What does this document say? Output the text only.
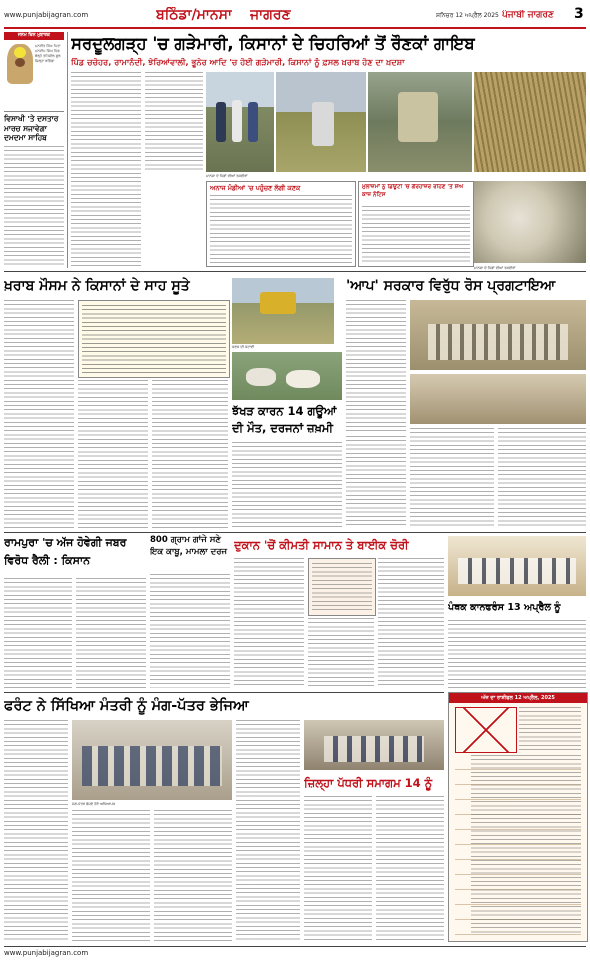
www.punjabijagran.com	ਬਠਿੰਡਾ/ਮਾਨਸਾ ਜਾਗਰਣ	ਸ਼ਨਿਚਰ 12 ਅਪ੍ਰੈਲ 2025 ਪੰਜਾਬੀ ਜਾਗਰਣ 3
ਜਨਮ ਦਿਨ ਮੁਬਾਰਕ
ਮਨਰੀਤ ਸਿੰਘ ਪਿਤਾ ਮਨਦੀਪ ਸਿੰਘ ਪਿੰਡ ਬੱਲ੍ਹੋ ਤਹਿਸੀਲ ਫੂਲ ਜ਼ਿਲ੍ਹਾ ਬਠਿੰਡਾ
ਵਿਸਾਖੀ 'ਤੇ ਦਸਤਾਰ ਮਾਰਚ ਸਜਾਵੇਗਾ ਦਮਦਮਾ ਸਾਹਿਬ
ਸਰਦੂਲਗੜ੍ਹ 'ਚ ਗੜੇਮਾਰੀ, ਕਿਸਾਨਾਂ ਦੇ ਚਿਹਰਿਆਂ ਤੋਂ ਰੌਣਕਾਂ ਗਾਇਬ
ਪਿੰਡ ਚਚੋਹਰ, ਰਾਮਾਨੰਦੀ, ਝੇਰਿਆਂਵਾਲੀ, ਭੂਨੇਰ ਆਦਿ 'ਚ ਹੋਈ ਗੜੇਮਾਰੀ, ਕਿਸਾਨਾਂ ਨੂੰ ਫ਼ਸਲ ਖ਼ਰਾਬ ਹੋਣ ਦਾ ਖ਼ਦਸ਼ਾ
ਮਾਨਸਾ ਦੇ ਪਿੰਡਾਂ ਦੀਆਂ ਤਸਵੀਰਾਂ
ਮਾਨਸਾ ਦੇ ਪਿੰਡਾਂ ਦੀਆਂ ਤਸਵੀਰਾਂ
ਅਨਾਜ ਮੰਡੀਆਂ 'ਚ ਪਹੁੰਚਣ ਲੱਗੀ ਕਣਕ	ਮੁਲਾਜ਼ਮਾਂ ਨੂੰ ਡਿਊਟੀ 'ਚ ਗੈਰਹਾਜ਼ਰ ਰਹਿਣ 'ਤੇ ਸ਼ੋਅ ਕਾਜ਼ ਨੋਟਿਸ
ਖ਼ਰਾਬ ਮੌਸਮ ਨੇ ਕਿਸਾਨਾਂ ਦੇ ਸਾਹ ਸੂਤੇ
ਕਣਕ ਦੀ ਕਟਾਈ
'ਆਪ' ਸਰਕਾਰ ਵਿਰੁੱਧ ਰੋਸ ਪ੍ਰਗਟਾਇਆ
ਝੱਖੜ ਕਾਰਨ 14 ਗਊਆਂ ਦੀ ਮੌਤ, ਦਰਜਨਾਂ ਜ਼ਖ਼ਮੀ
ਰਾਮਪੁਰਾ 'ਚ ਅੱਜ ਹੋਵੇਗੀ ਜਬਰ ਵਿਰੋਧ ਰੈਲੀ : ਕਿਸਾਨ
800 ਗ੍ਰਾਮ ਗਾਂਜੇ ਸਣੇ ਇਕ ਕਾਬੂ, ਮਾਮਲਾ ਦਰਜ ਦੁਕਾਨ 'ਚੋਂ ਕੀਮਤੀ ਸਾਮਾਨ ਤੇ ਬਾਈਕ ਚੋਰੀ
ਪੰਥਕ ਕਾਨਫਰੰਸ 13 ਅਪ੍ਰੈਲ ਨੂੰ
ਅੱਜ ਦਾ ਰਾਸ਼ੀਫਲ 12 ਅਪ੍ਰੈਲ, 2025
ਫਰੰਟ ਨੇ ਸਿੱਖਿਆ ਮੰਤਰੀ ਨੂੰ ਮੰਗ-ਪੱਤਰ ਭੇਜਿਆ
ਮੰਗ-ਪੱਤਰ ਭੇਜਦੇ ਹੋਏ ਅਧਿਆਪਕ
ਜ਼ਿਲ੍ਹਾ ਪੱਧਰੀ ਸਮਾਗਮ 14 ਨੂੰ
www.punjabijagran.com
